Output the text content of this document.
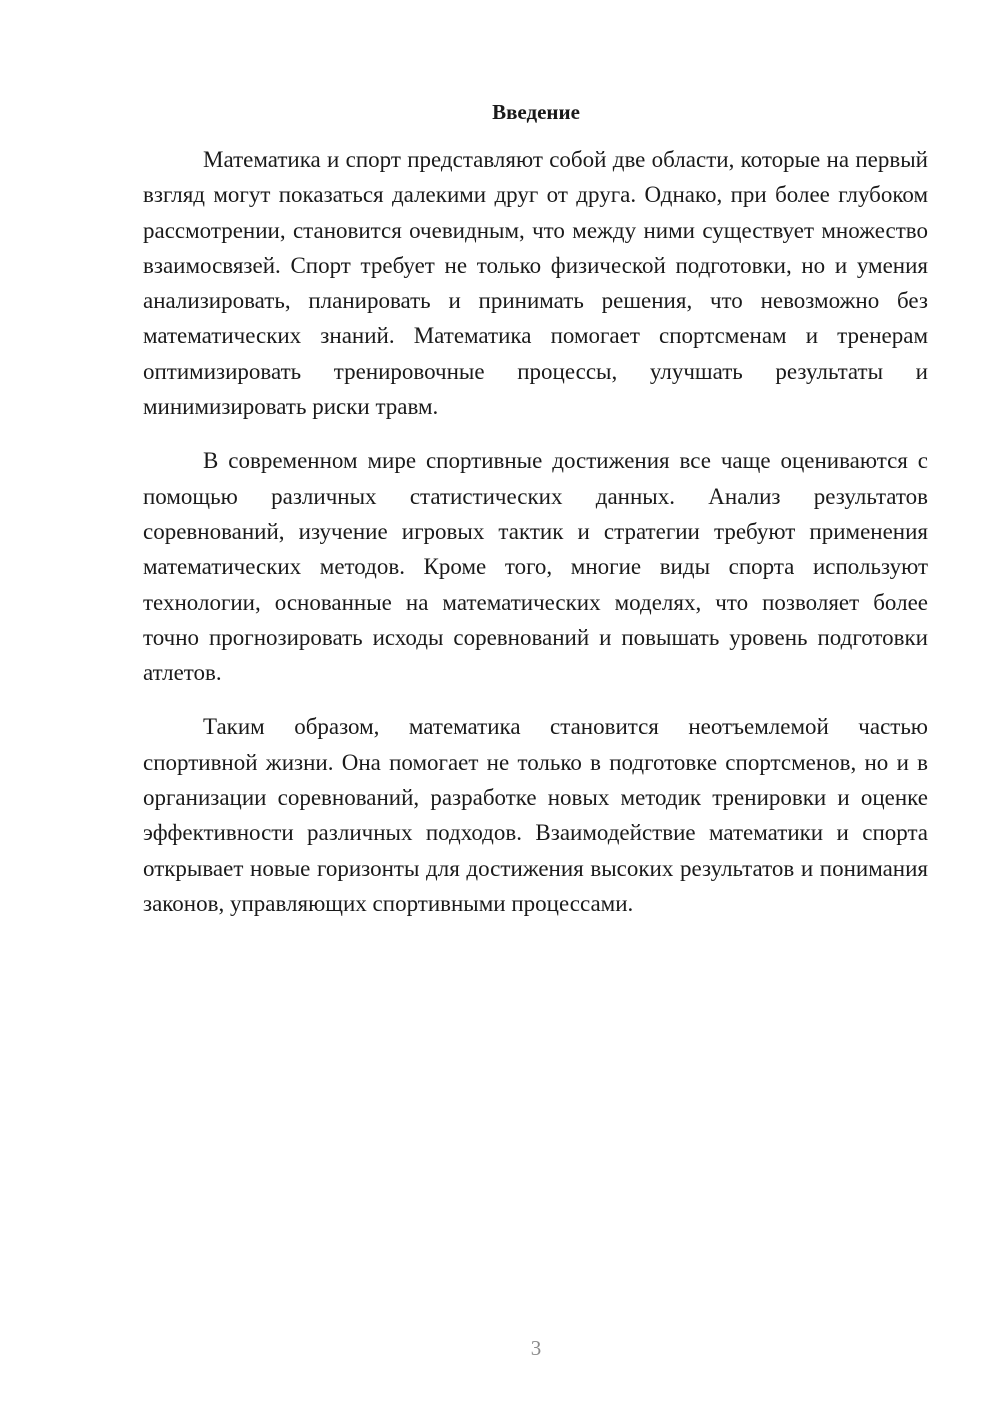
Введение

Математика и спорт представляют собой две области, которые на первый взгляд могут показаться далекими друг от друга. Однако, при более глубоком рассмотрении, становится очевидным, что между ними существует множество взаимосвязей. Спорт требует не только физической подготовки, но и умения анализировать, планировать и принимать решения, что невозможно без математических знаний. Математика помогает спортсменам и тренерам оптимизировать тренировочные процессы, улучшать результаты и минимизировать риски травм.

В современном мире спортивные достижения все чаще оцениваются с помощью различных статистических данных. Анализ результатов соревнований, изучение игровых тактик и стратегии требуют применения математических методов. Кроме того, многие виды спорта используют технологии, основанные на математических моделях, что позволяет более точно прогнозировать исходы соревнований и повышать уровень подготовки атлетов.

Таким образом, математика становится неотъемлемой частью спортивной жизни. Она помогает не только в подготовке спортсменов, но и в организации соревнований, разработке новых методик тренировки и оценке эффективности различных подходов. Взаимодействие математики и спорта открывает новые горизонты для достижения высоких результатов и понимания законов, управляющих спортивными процессами.

3
